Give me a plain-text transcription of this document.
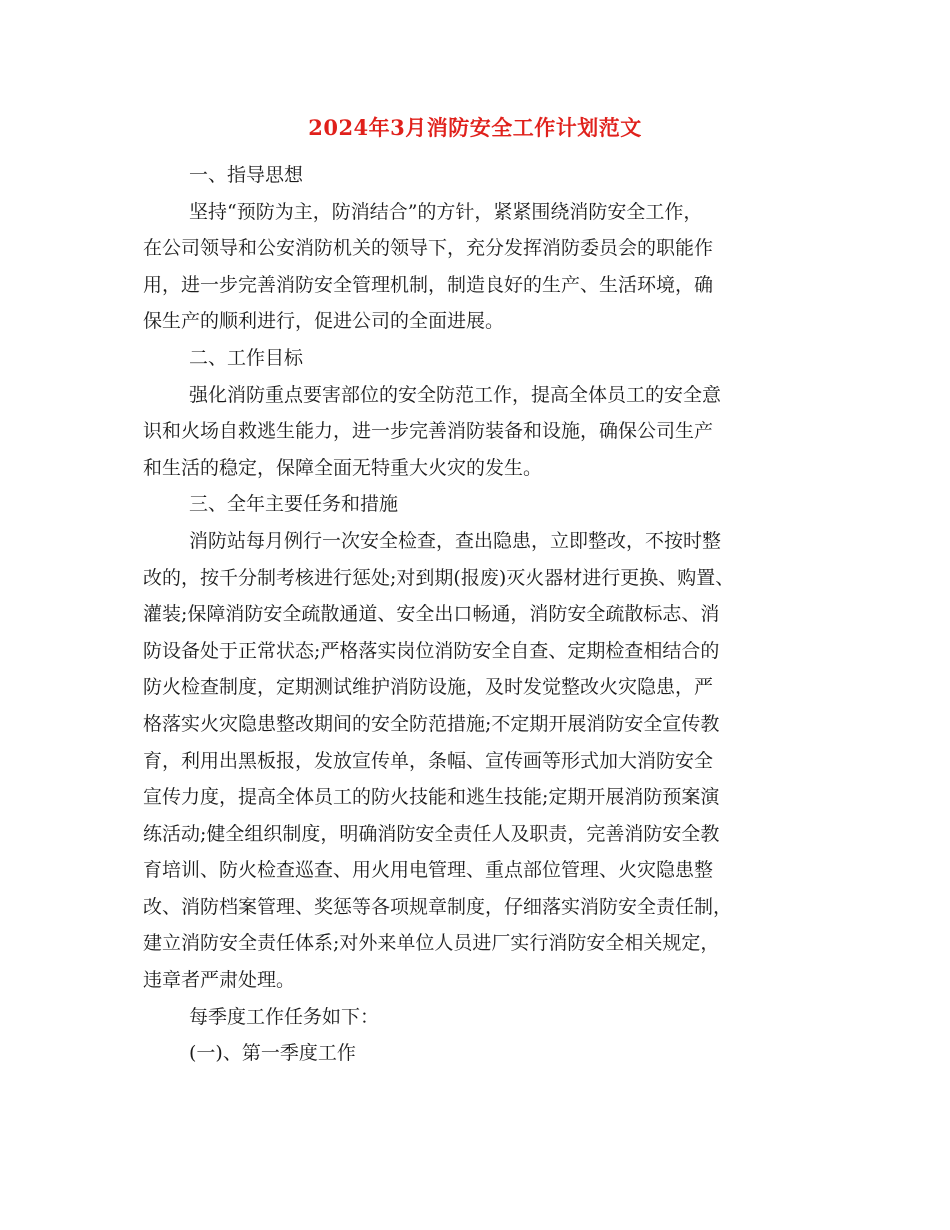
2024年3月消防安全工作计划范文
一、指导思想
坚持“预防为主，防消结合”的方针，紧紧围绕消防安全工作，
在公司领导和公安消防机关的领导下，充分发挥消防委员会的职能作
用，进一步完善消防安全管理机制，制造良好的生产、生活环境，确
保生产的顺利进行，促进公司的全面进展。
二、工作目标
强化消防重点要害部位的安全防范工作，提高全体员工的安全意
识和火场自救逃生能力，进一步完善消防装备和设施，确保公司生产
和生活的稳定，保障全面无特重大火灾的发生。
三、全年主要任务和措施
消防站每月例行一次安全检查，查出隐患，立即整改，不按时整
改的，按千分制考核进行惩处;对到期(报废)灭火器材进行更换、购置、
灌装;保障消防安全疏散通道、安全出口畅通，消防安全疏散标志、消
防设备处于正常状态;严格落实岗位消防安全自查、定期检查相结合的
防火检查制度，定期测试维护消防设施，及时发觉整改火灾隐患，严
格落实火灾隐患整改期间的安全防范措施;不定期开展消防安全宣传教
育，利用出黑板报，发放宣传单，条幅、宣传画等形式加大消防安全
宣传力度，提高全体员工的防火技能和逃生技能;定期开展消防预案演
练活动;健全组织制度，明确消防安全责任人及职责，完善消防安全教
育培训、防火检查巡查、用火用电管理、重点部位管理、火灾隐患整
改、消防档案管理、奖惩等各项规章制度，仔细落实消防安全责任制，
建立消防安全责任体系;对外来单位人员进厂实行消防安全相关规定，
违章者严肃处理。
每季度工作任务如下：
(一)、第一季度工作
